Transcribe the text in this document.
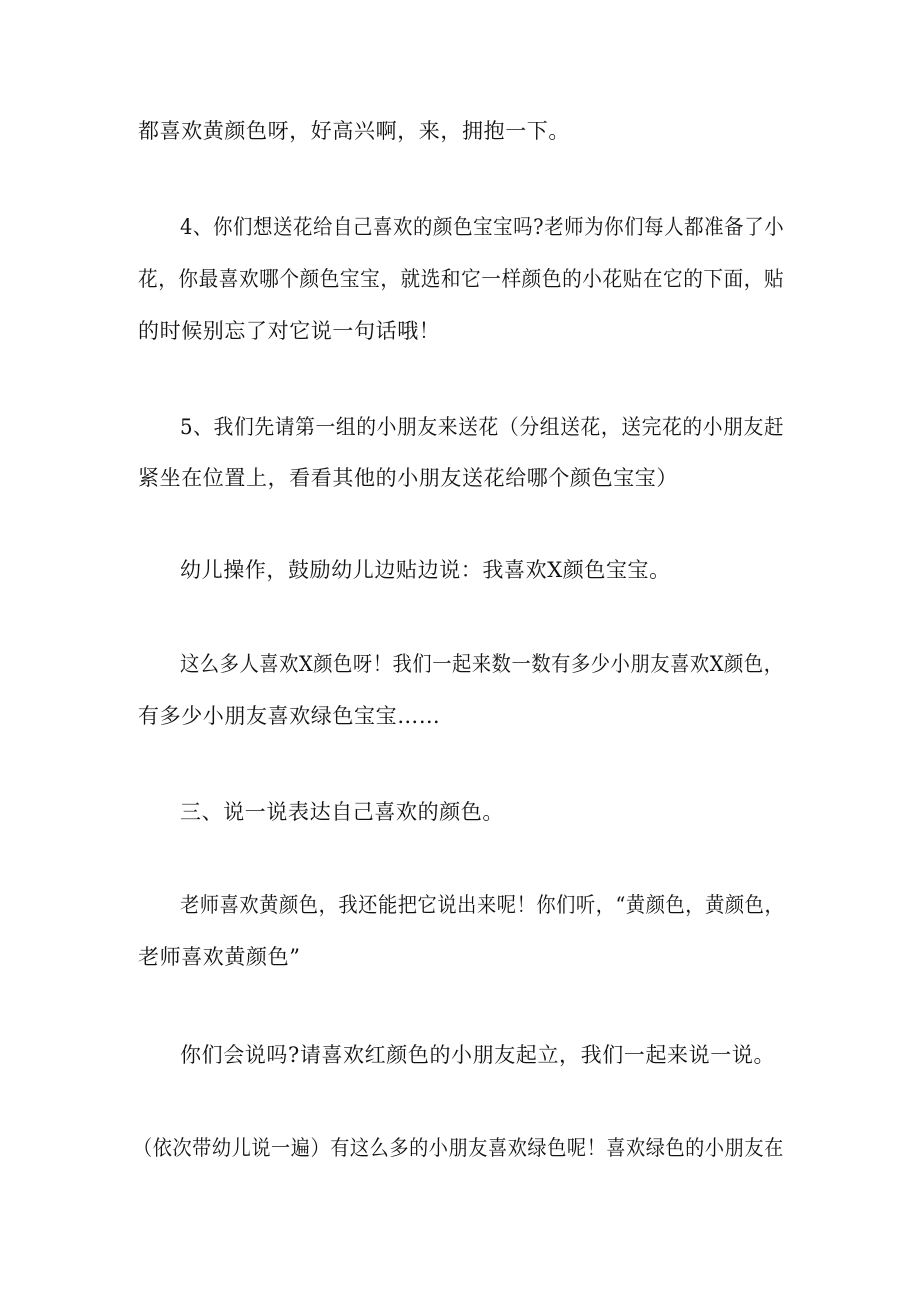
都喜欢黄颜色呀，好高兴啊，来，拥抱一下。
4、你们想送花给自己喜欢的颜色宝宝吗?老师为你们每人都准备了小
花，你最喜欢哪个颜色宝宝，就选和它一样颜色的小花贴在它的下面，贴
的时候别忘了对它说一句话哦！
5、我们先请第一组的小朋友来送花（分组送花，送完花的小朋友赶
紧坐在位置上，看看其他的小朋友送花给哪个颜色宝宝）
幼儿操作，鼓励幼儿边贴边说：我喜欢X颜色宝宝。
这么多人喜欢X颜色呀！我们一起来数一数有多少小朋友喜欢X颜色，
有多少小朋友喜欢绿色宝宝……
三、说一说表达自己喜欢的颜色。
老师喜欢黄颜色，我还能把它说出来呢！你们听，“黄颜色，黄颜色，
老师喜欢黄颜色”
你们会说吗?请喜欢红颜色的小朋友起立，我们一起来说一说。
（依次带幼儿说一遍）有这么多的小朋友喜欢绿色呢！喜欢绿色的小朋友在
